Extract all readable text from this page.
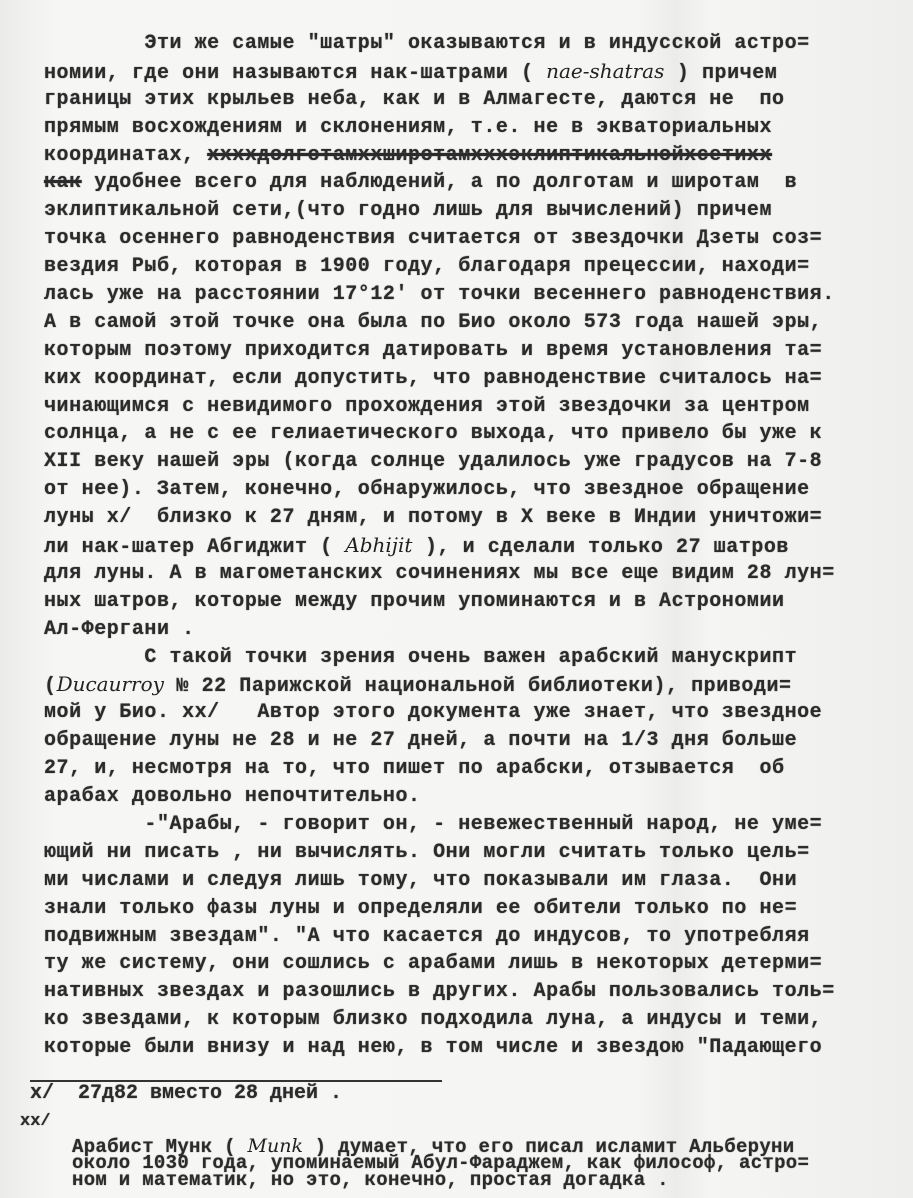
Эти же самые "шатры" оказываются и в индусской астро=
номии, где они называются нак-шатрами ( nae-shatras ) причем
границы этих крыльев неба, как и в Алмагесте, даются не  по
прямым восхождениям и склонениям, т.е. не в экваториальных
координатах, ххххдолготамххширотамхххэклиптикальнойхсетихх
как удобнее всего для наблюдений, а по долготам и широтам  в
эклиптикальной сети,(что годно лишь для вычислений) причем
точка осеннего равноденствия считается от звездочки Дзеты соз=
вездия Рыб, которая в 1900 году, благодаря прецессии, находи=
лась уже на расстоянии 17°12' от точки весеннего равноденствия.
А в самой этой точке она была по Био около 573 года нашей эры,
которым поэтому приходится датировать и время установления та=
ких координат, если допустить, что равноденствие считалось на=
чинающимся с невидимого прохождения этой звездочки за центром
солнца, а не с ее гелиаетического выхода, что привело бы уже к
XII веку нашей эры (когда солнце удалилось уже градусов на 7-8
от нее). Затем, конечно, обнаружилось, что звездное обращение
луны x/  близко к 27 дням, и потому в X веке в Индии уничтожи=
ли нак-шатер Абгиджит ( Abhijit ), и сделали только 27 шатров
для луны. А в магометанских сочинениях мы все еще видим 28 лун=
ных шатров, которые между прочим упоминаются и в Астрономии
Ал-Фергани .
С такой точки зрения очень важен арабский манускрипт
(Ducaurroy № 22 Парижской национальной библиотеки), приводи=
мой у Био. xx/   Автор этого документа уже знает, что звездное
обращение луны не 28 и не 27 дней, а почти на 1/3 дня больше
27, и, несмотря на то, что пишет по арабски, отзывается  об
арабах довольно непочтительно.
-"Арабы, - говорит он, - невежественный народ, не уме=
ющий ни писать , ни вычислять. Они могли считать только цель=
ми числами и следуя лишь тому, что показывали им глаза.  Они
знали только фазы луны и определяли ее обители только по не=
подвижным звездам". "А что касается до индусов, то употребляя
ту же систему, они сошлись с арабами лишь в некоторых детерми=
нативных звездах и разошлись в других. Арабы пользовались толь=
ко звездами, к которым близко подходила луна, а индусы и теми,
которые были внизу и над нею, в том числе и звездою "Падающего
x/  27д82 вместо 28 дней .
xx/
Арабист Мунк ( Munk ) думает, что его писал исламит Альберуни
около 1030 года, упоминаемый Абул-Фараджем, как философ, астро=
ном и математик, но это, конечно, простая догадка .
